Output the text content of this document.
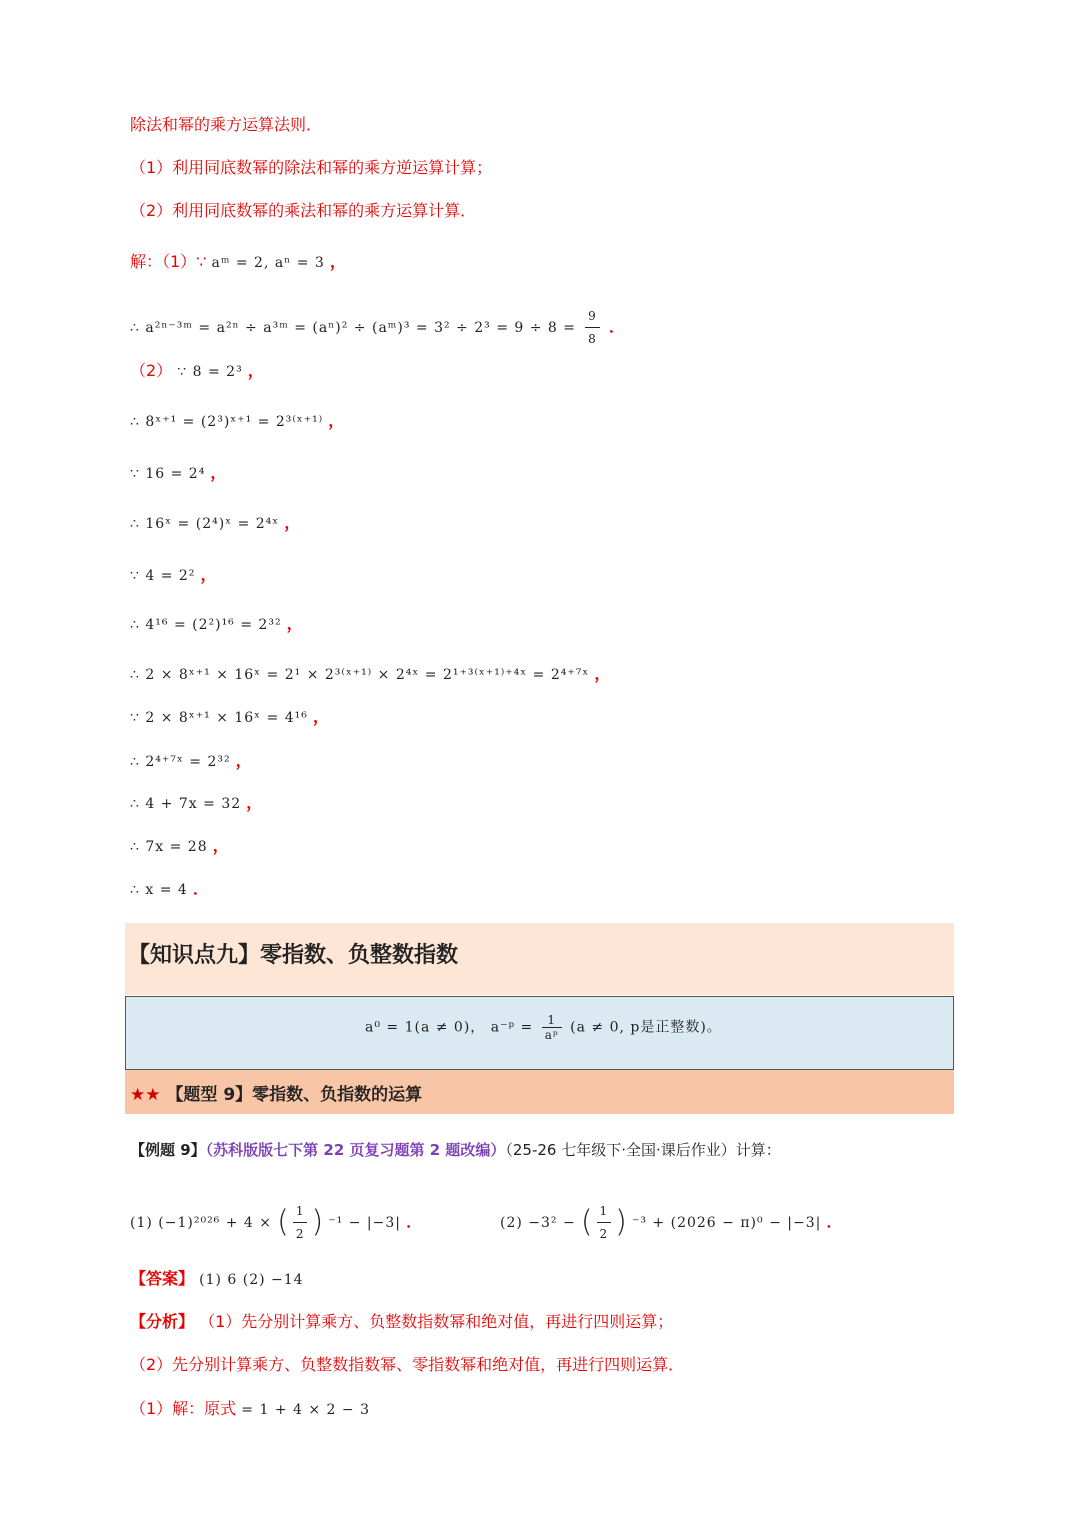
除法和幂的乘方运算法则．
（1）利用同底数幂的除法和幂的乘方逆运算计算；
（2）利用同底数幂的乘法和幂的乘方运算计算．
解：（1）∵ aᵐ = 2, aⁿ = 3 ，
∴ a²ⁿ⁻³ᵐ = a²ⁿ ÷ a³ᵐ = (aⁿ)² ÷ (aᵐ)³ = $3^2 \div 2^3 = 9 \div 8 = \frac{9}{8}$ ．
（2） ∵ 8 = 2³ ，
∴ 8ˣ⁺¹ = (2³)ˣ⁺¹ = 2³⁽ˣ⁺¹⁾ ，
∵ 16 = 2⁴ ，
∴ 16ˣ = (2⁴)ˣ = 2⁴ˣ ，
∵ 4 = 2² ，
∴ 4¹⁶ = (2²)¹⁶ = 2³² ，
∴ 2 × 8ˣ⁺¹ × 16ˣ = 2¹ × 2³⁽ˣ⁺¹⁾ × 2⁴ˣ = 2¹⁺³⁽ˣ⁺¹⁾⁺⁴ˣ = 2⁴⁺⁷ˣ ，
∵ 2 × 8ˣ⁺¹ × 16ˣ = 4¹⁶ ，
∴ 2⁴⁺⁷ˣ = 2³² ，
∴ 4 + 7x = 32 ，
∴ 7x = 28 ，
∴ x = 4 ．
【知识点九】零指数、负整数指数
a⁰ = 1(a ≠ 0)， a⁻ᵖ = $\frac{1}{\text{aᵖ}} (a \ne 0$, p是正整数)。
★★ 【题型 9】零指数、负指数的运算
【例题 9】（苏科版版七下第 22 页复习题第 2 题改编）（25-26 七年级下·全国·课后作业）计算：
(1) (−1)²⁰²⁶ + 4 × ( $\frac{1}{2}$ ) ⁻¹ − |−3| ．	(2) −3² − ( $\frac{1}{2}$ ) ⁻³ + (2026 − π)⁰ − |−3| ．
【答案】 (1) 6 (2) −14
【分析】 （1）先分别计算乘方、负整数指数幂和绝对值，再进行四则运算；
（2）先分别计算乘方、负整数指数幂、零指数幂和绝对值，再进行四则运算．
（1）解：原式 = 1 + 4 × 2 − 3
